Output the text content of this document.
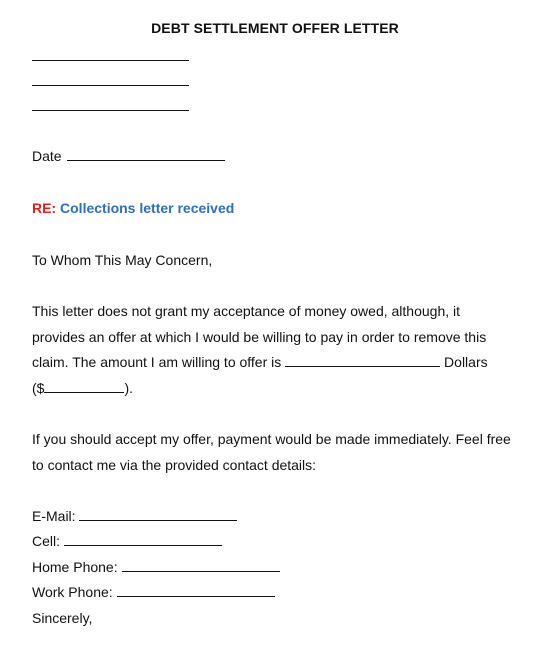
DEBT SETTLEMENT OFFER LETTER
Date
RE: Collections letter received
To Whom This May Concern,
This letter does not grant my acceptance of money owed, although, it
provides an offer at which I would be willing to pay in order to remove this
claim. The amount I am willing to offer is	Dollars
($	).
If you should accept my offer, payment would be made immediately. Feel free
to contact me via the provided contact details:
E-Mail:
Cell:
Home Phone:
Work Phone:
Sincerely,
